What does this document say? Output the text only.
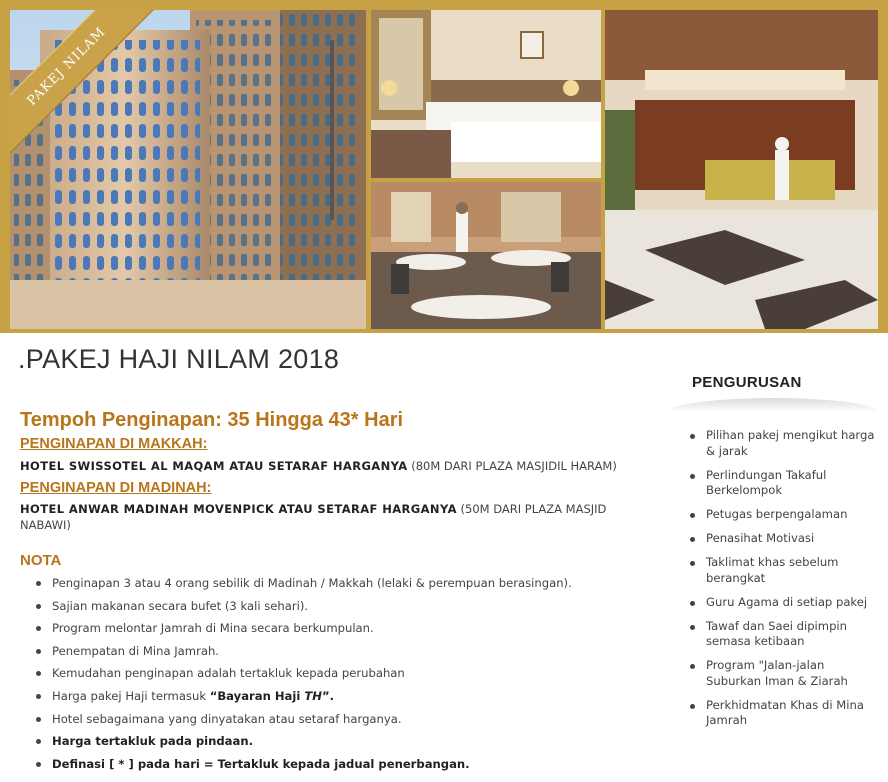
PAKEJ NILAM
.PAKEJ HAJI NILAM 2018
Tempoh Penginapan: 35 Hingga 43* Hari
PENGINAPAN DI MAKKAH:

HOTEL SWISSOTEL AL MAQAM ATAU SETARAF HARGANYA (80M DARI PLAZA MASJIDIL HARAM)

PENGINAPAN DI MADINAH:

HOTEL ANWAR MADINAH MOVENPICK ATAU SETARAF HARGANYA (50M DARI PLAZA MASJID NABAWI)

NOTA
Penginapan 3 atau 4 orang sebilik di Madinah / Makkah (lelaki & perempuan berasingan).
Sajian makanan secara bufet (3 kali sehari).
Program melontar Jamrah di Mina secara berkumpulan.
Penempatan di Mina Jamrah.
Kemudahan penginapan adalah tertakluk kepada perubahan
Harga pakej Haji termasuk “Bayaran Haji TH”.
Hotel sebagaimana yang dinyatakan atau setaraf harganya.
Harga tertakluk pada pindaan.
Definasi [ * ] pada hari = Tertakluk kepada jadual penerbangan.
PENGURUSAN
Pilihan pakej mengikut harga & jarak
Perlindungan Takaful Berkelompok
Petugas berpengalaman
Penasihat Motivasi
Taklimat khas sebelum berangkat
Guru Agama di setiap pakej
Tawaf dan Saei dipimpin semasa ketibaan
Program "Jalan-jalan Suburkan Iman & Ziarah
Perkhidmatan Khas di Mina Jamrah
